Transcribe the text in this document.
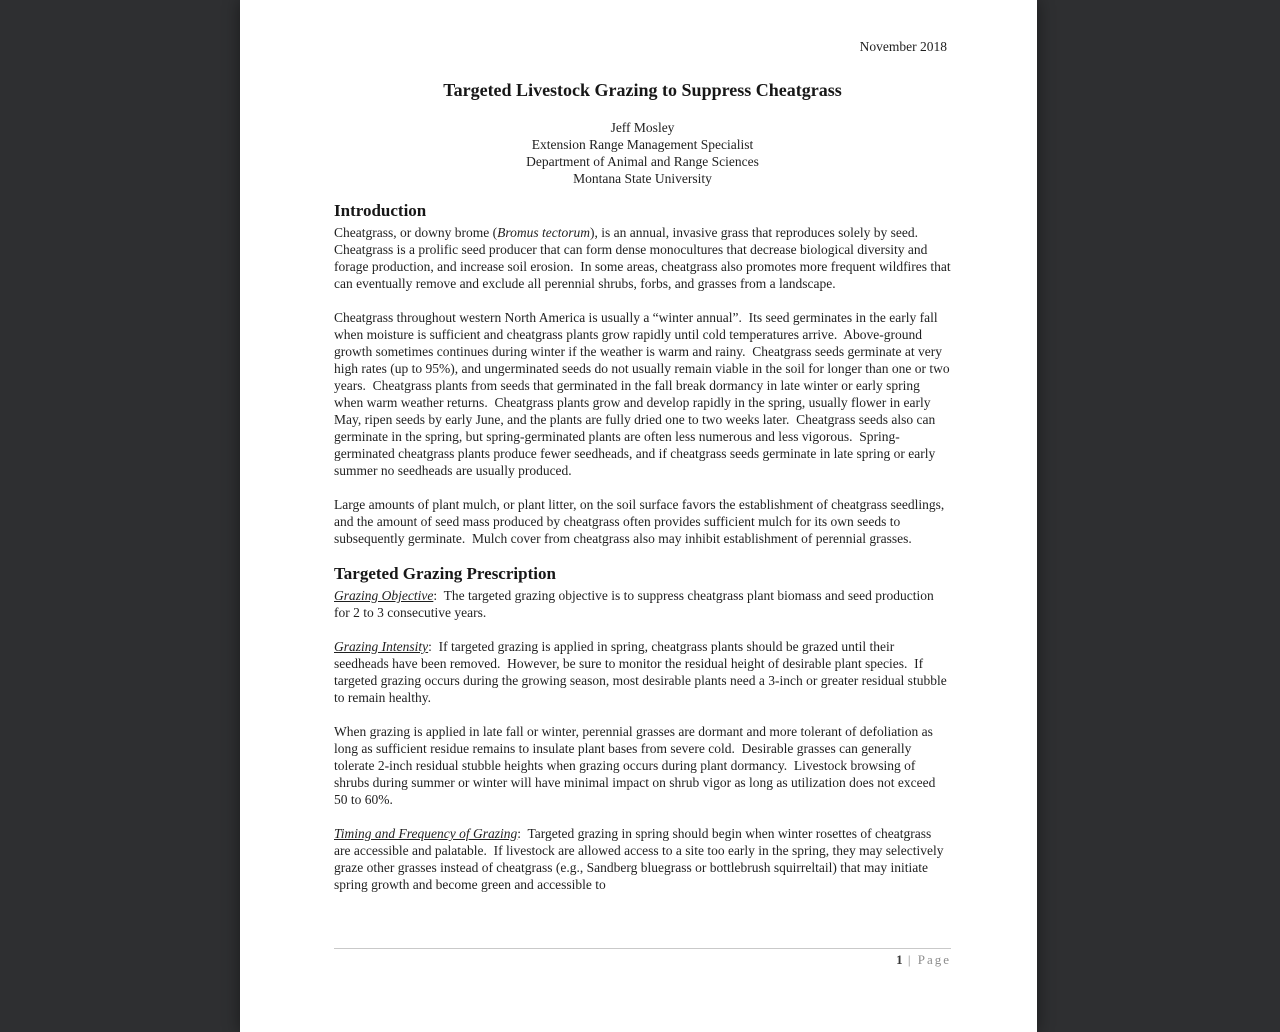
November 2018
Targeted Livestock Grazing to Suppress Cheatgrass
Jeff Mosley
Extension Range Management Specialist
Department of Animal and Range Sciences
Montana State University
Introduction

Cheatgrass, or downy brome (Bromus tectorum), is an annual, invasive grass that reproduces solely by seed.  Cheatgrass is a prolific seed producer that can form dense monocultures that decrease biological diversity and forage production, and increase soil erosion.  In some areas, cheatgrass also promotes more frequent wildfires that can eventually remove and exclude all perennial shrubs, forbs, and grasses from a landscape.

Cheatgrass throughout western North America is usually a “winter annual”.  Its seed germinates in the early fall when moisture is sufficient and cheatgrass plants grow rapidly until cold temperatures arrive.  Above-ground growth sometimes continues during winter if the weather is warm and rainy.  Cheatgrass seeds germinate at very high rates (up to 95%), and ungerminated seeds do not usually remain viable in the soil for longer than one or two years.  Cheatgrass plants from seeds that germinated in the fall break dormancy in late winter or early spring when warm weather returns.  Cheatgrass plants grow and develop rapidly in the spring, usually flower in early May, ripen seeds by early June, and the plants are fully dried one to two weeks later.  Cheatgrass seeds also can germinate in the spring, but spring-germinated plants are often less numerous and less vigorous.  Spring-germinated cheatgrass plants produce fewer seedheads, and if cheatgrass seeds germinate in late spring or early summer no seedheads are usually produced.

Large amounts of plant mulch, or plant litter, on the soil surface favors the establishment of cheatgrass seedlings, and the amount of seed mass produced by cheatgrass often provides sufficient mulch for its own seeds to subsequently germinate.  Mulch cover from cheatgrass also may inhibit establishment of perennial grasses.

Targeted Grazing Prescription

Grazing Objective:  The targeted grazing objective is to suppress cheatgrass plant biomass and seed production for 2 to 3 consecutive years.

Grazing Intensity:  If targeted grazing is applied in spring, cheatgrass plants should be grazed until their seedheads have been removed.  However, be sure to monitor the residual height of desirable plant species.  If targeted grazing occurs during the growing season, most desirable plants need a 3-inch or greater residual stubble to remain healthy.

When grazing is applied in late fall or winter, perennial grasses are dormant and more tolerant of defoliation as long as sufficient residue remains to insulate plant bases from severe cold.  Desirable grasses can generally tolerate 2-inch residual stubble heights when grazing occurs during plant dormancy.  Livestock browsing of shrubs during summer or winter will have minimal impact on shrub vigor as long as utilization does not exceed 50 to 60%.

Timing and Frequency of Grazing:  Targeted grazing in spring should begin when winter rosettes of cheatgrass are accessible and palatable.  If livestock are allowed access to a site too early in the spring, they may selectively graze other grasses instead of cheatgrass (e.g., Sandberg bluegrass or bottlebrush squirreltail) that may initiate spring growth and become green and accessible to

1 | Page
